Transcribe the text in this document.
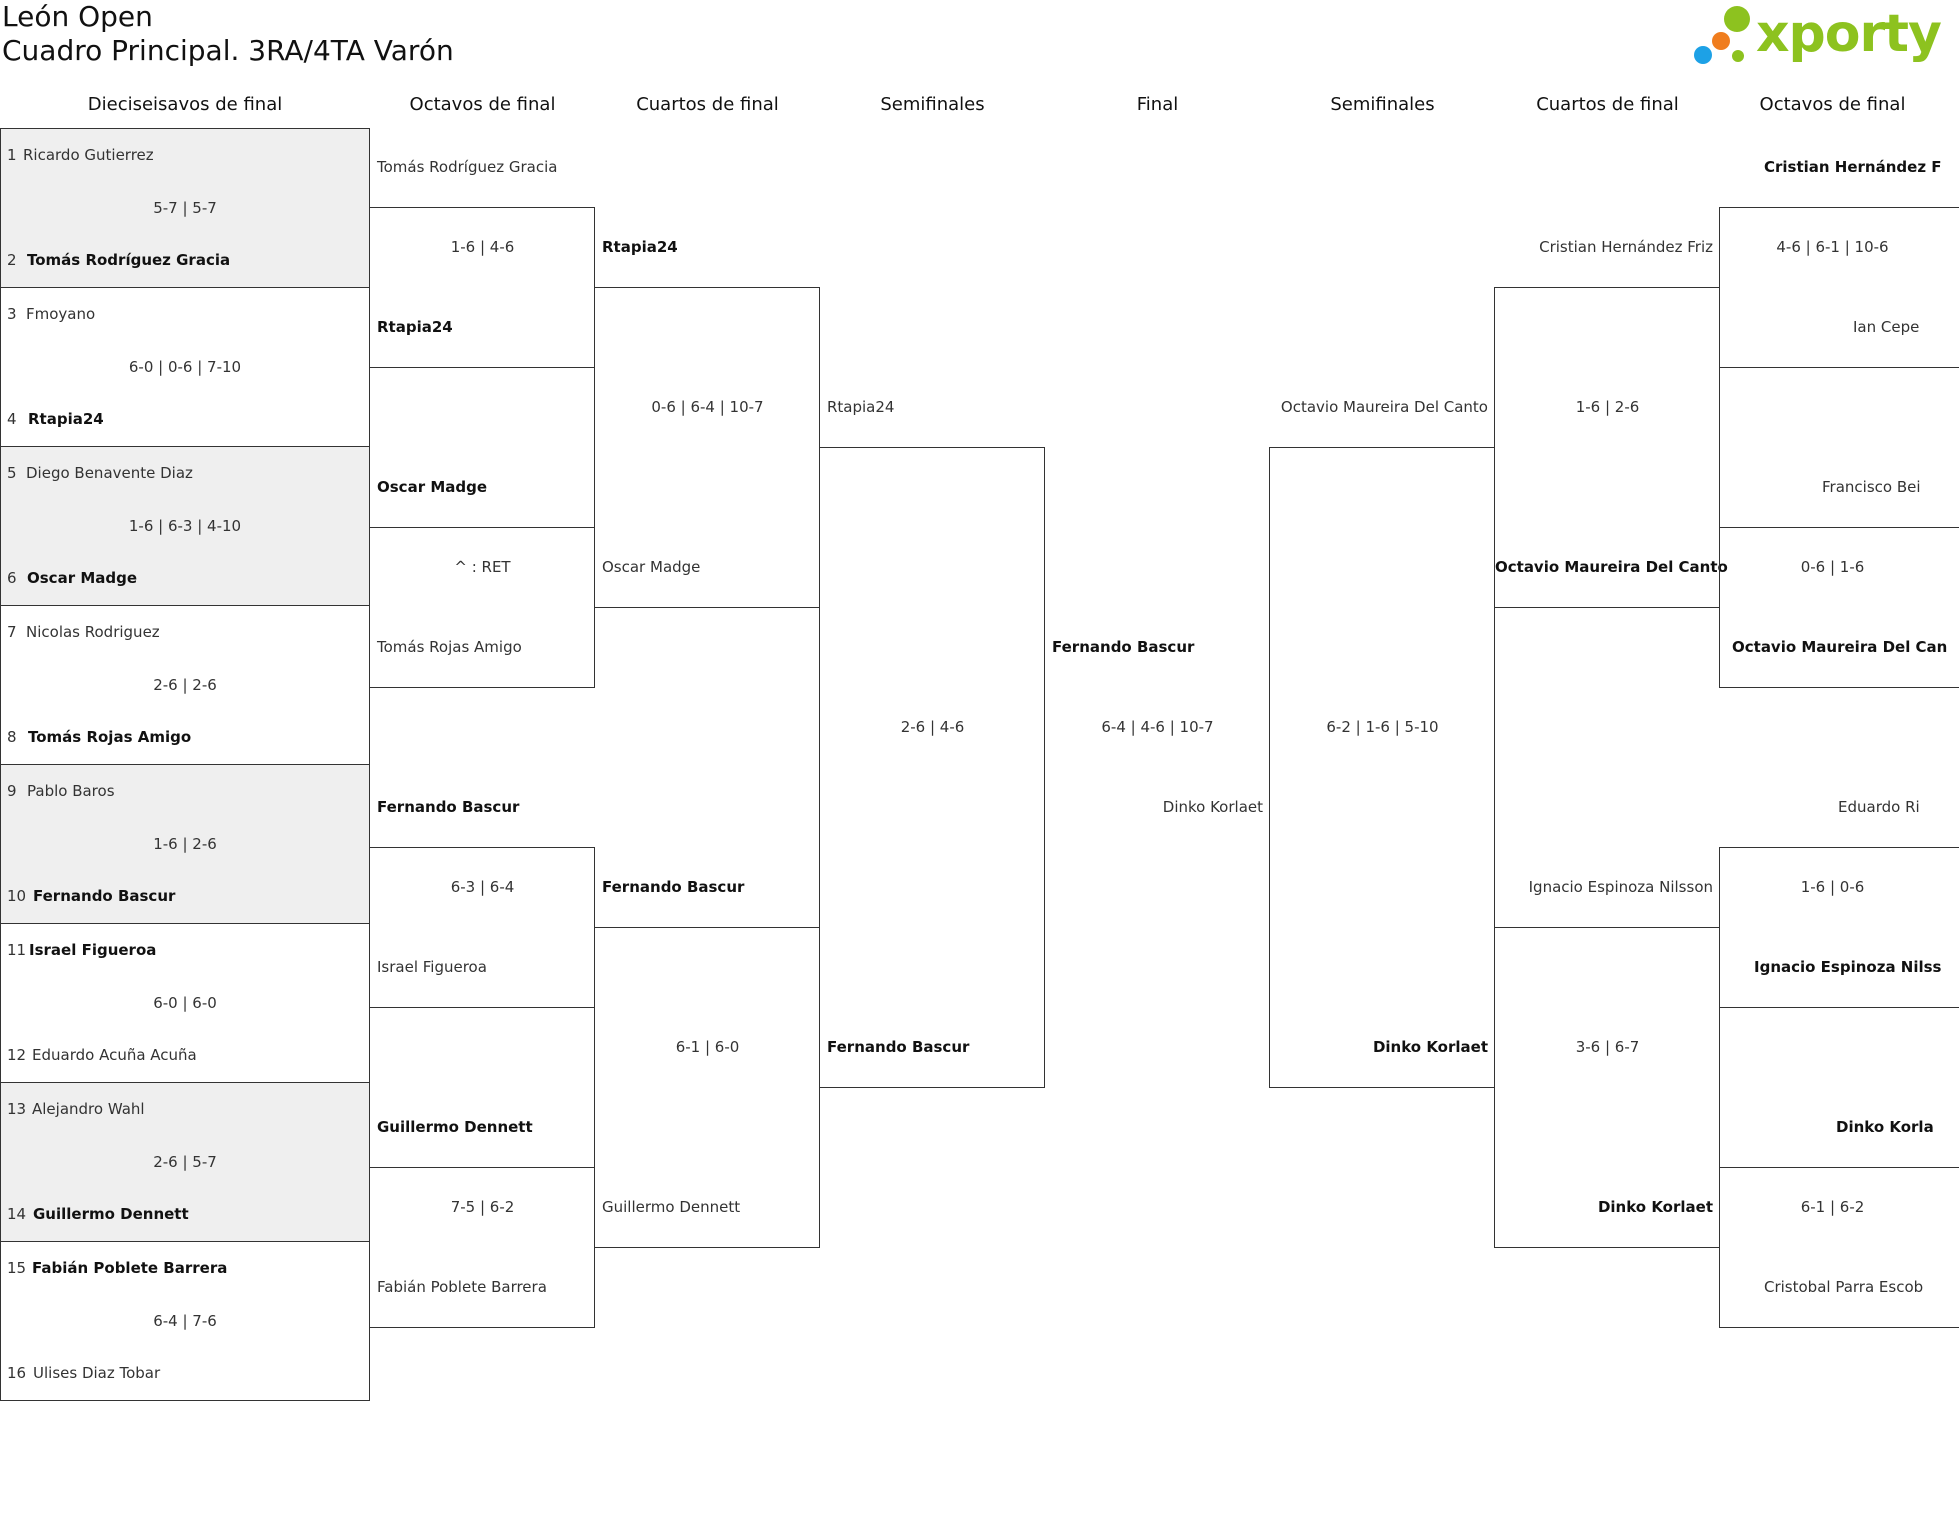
León Open
Cuadro Principal. 3RA/4TA Varón	xporty
Dieciseisavos de final	Octavos de final	Cuartos de final	Semifinales	Final	Semifinales	Cuartos de final	Octavos de final
1 Ricardo Gutierrez
5-7 | 5-7
2 Tomás Rodríguez Gracia
3 Fmoyano
6-0 | 0-6 | 7-10
4 Rtapia24
5 Diego Benavente Diaz
1-6 | 6-3 | 4-10
6 Oscar Madge
7 Nicolas Rodriguez
2-6 | 2-6
8 Tomás Rojas Amigo
9 Pablo Baros
1-6 | 2-6
10 Fernando Bascur
11 Israel Figueroa
6-0 | 6-0
12 Eduardo Acuña Acuña
13 Alejandro Wahl
2-6 | 5-7
14 Guillermo Dennett
15 Fabián Poblete Barrera
6-4 | 7-6
16 Ulises Diaz Tobar
Tomás Rodríguez Gracia
1-6 | 4-6
Rtapia24
Oscar Madge
^ : RET
Tomás Rojas Amigo
Fernando Bascur
6-3 | 6-4
Israel Figueroa
Guillermo Dennett
7-5 | 6-2
Fabián Poblete Barrera
Rtapia24
0-6 | 6-4 | 10-7
Oscar Madge
Fernando Bascur
6-1 | 6-0
Guillermo Dennett
Rtapia24
2-6 | 4-6
Fernando Bascur
Fernando Bascur
6-4 | 4-6 | 10-7
Dinko Korlaet
Octavio Maureira Del Canto
6-2 | 1-6 | 5-10
Dinko Korlaet
Cristian Hernández Friz
1-6 | 2-6
Octavio Maureira Del Canto
Ignacio Espinoza Nilsson
3-6 | 6-7
Dinko Korlaet
Cristian Hernández F
4-6 | 6-1 | 10-6
Ian Cepe
Francisco Bei
0-6 | 1-6
Octavio Maureira Del Can
Eduardo Ri
1-6 | 0-6
Ignacio Espinoza Nilss
Dinko Korla
6-1 | 6-2
Cristobal Parra Escob
